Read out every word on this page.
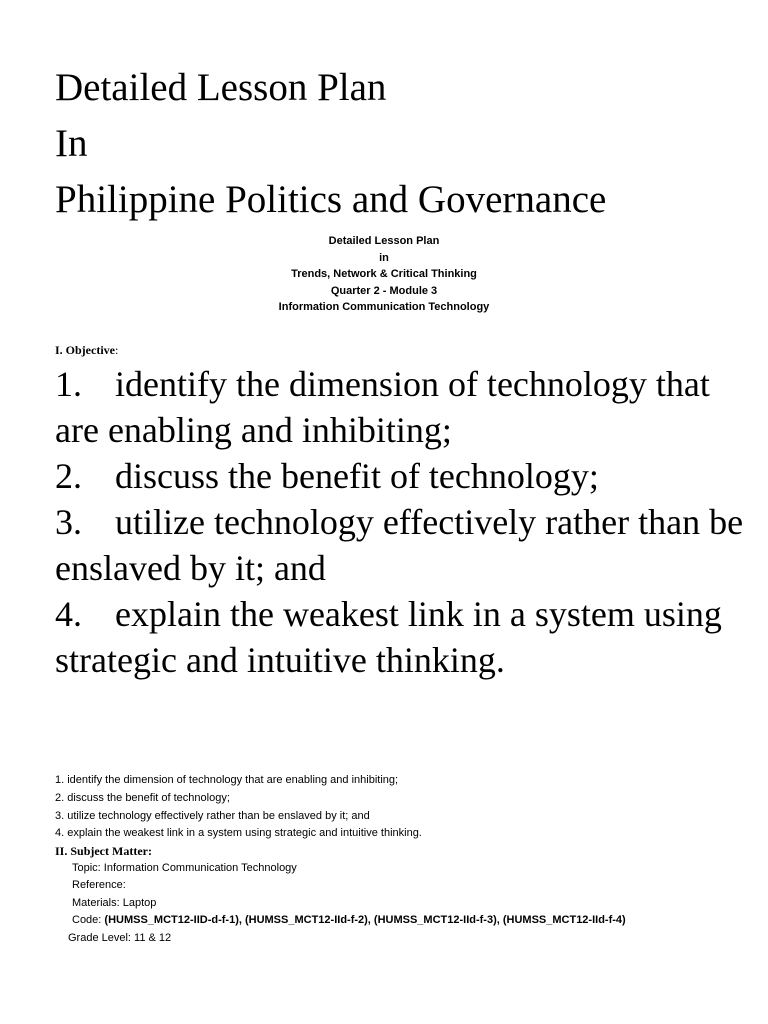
Detailed Lesson Plan
In
Philippine Politics and Governance
Detailed Lesson Plan
in
Trends, Network & Critical Thinking
Quarter 2 - Module 3
Information Communication Technology
I. Objective:
1. identify the dimension of technology that are enabling and inhibiting;
2. discuss the benefit of technology;
3. utilize technology effectively rather than be enslaved by it; and
4. explain the weakest link in a system using strategic and intuitive thinking.
1. identify the dimension of technology that are enabling and inhibiting;
2. discuss the benefit of technology;
3. utilize technology effectively rather than be enslaved by it; and
4. explain the weakest link in a system using strategic and intuitive thinking.
II. Subject Matter:
Topic: Information Communication Technology
Reference:
Materials: Laptop
Code: (HUMSS_MCT12-IID-d-f-1), (HUMSS_MCT12-IId-f-2), (HUMSS_MCT12-IId-f-3), (HUMSS_MCT12-IId-f-4)
Grade Level: 11 & 12
